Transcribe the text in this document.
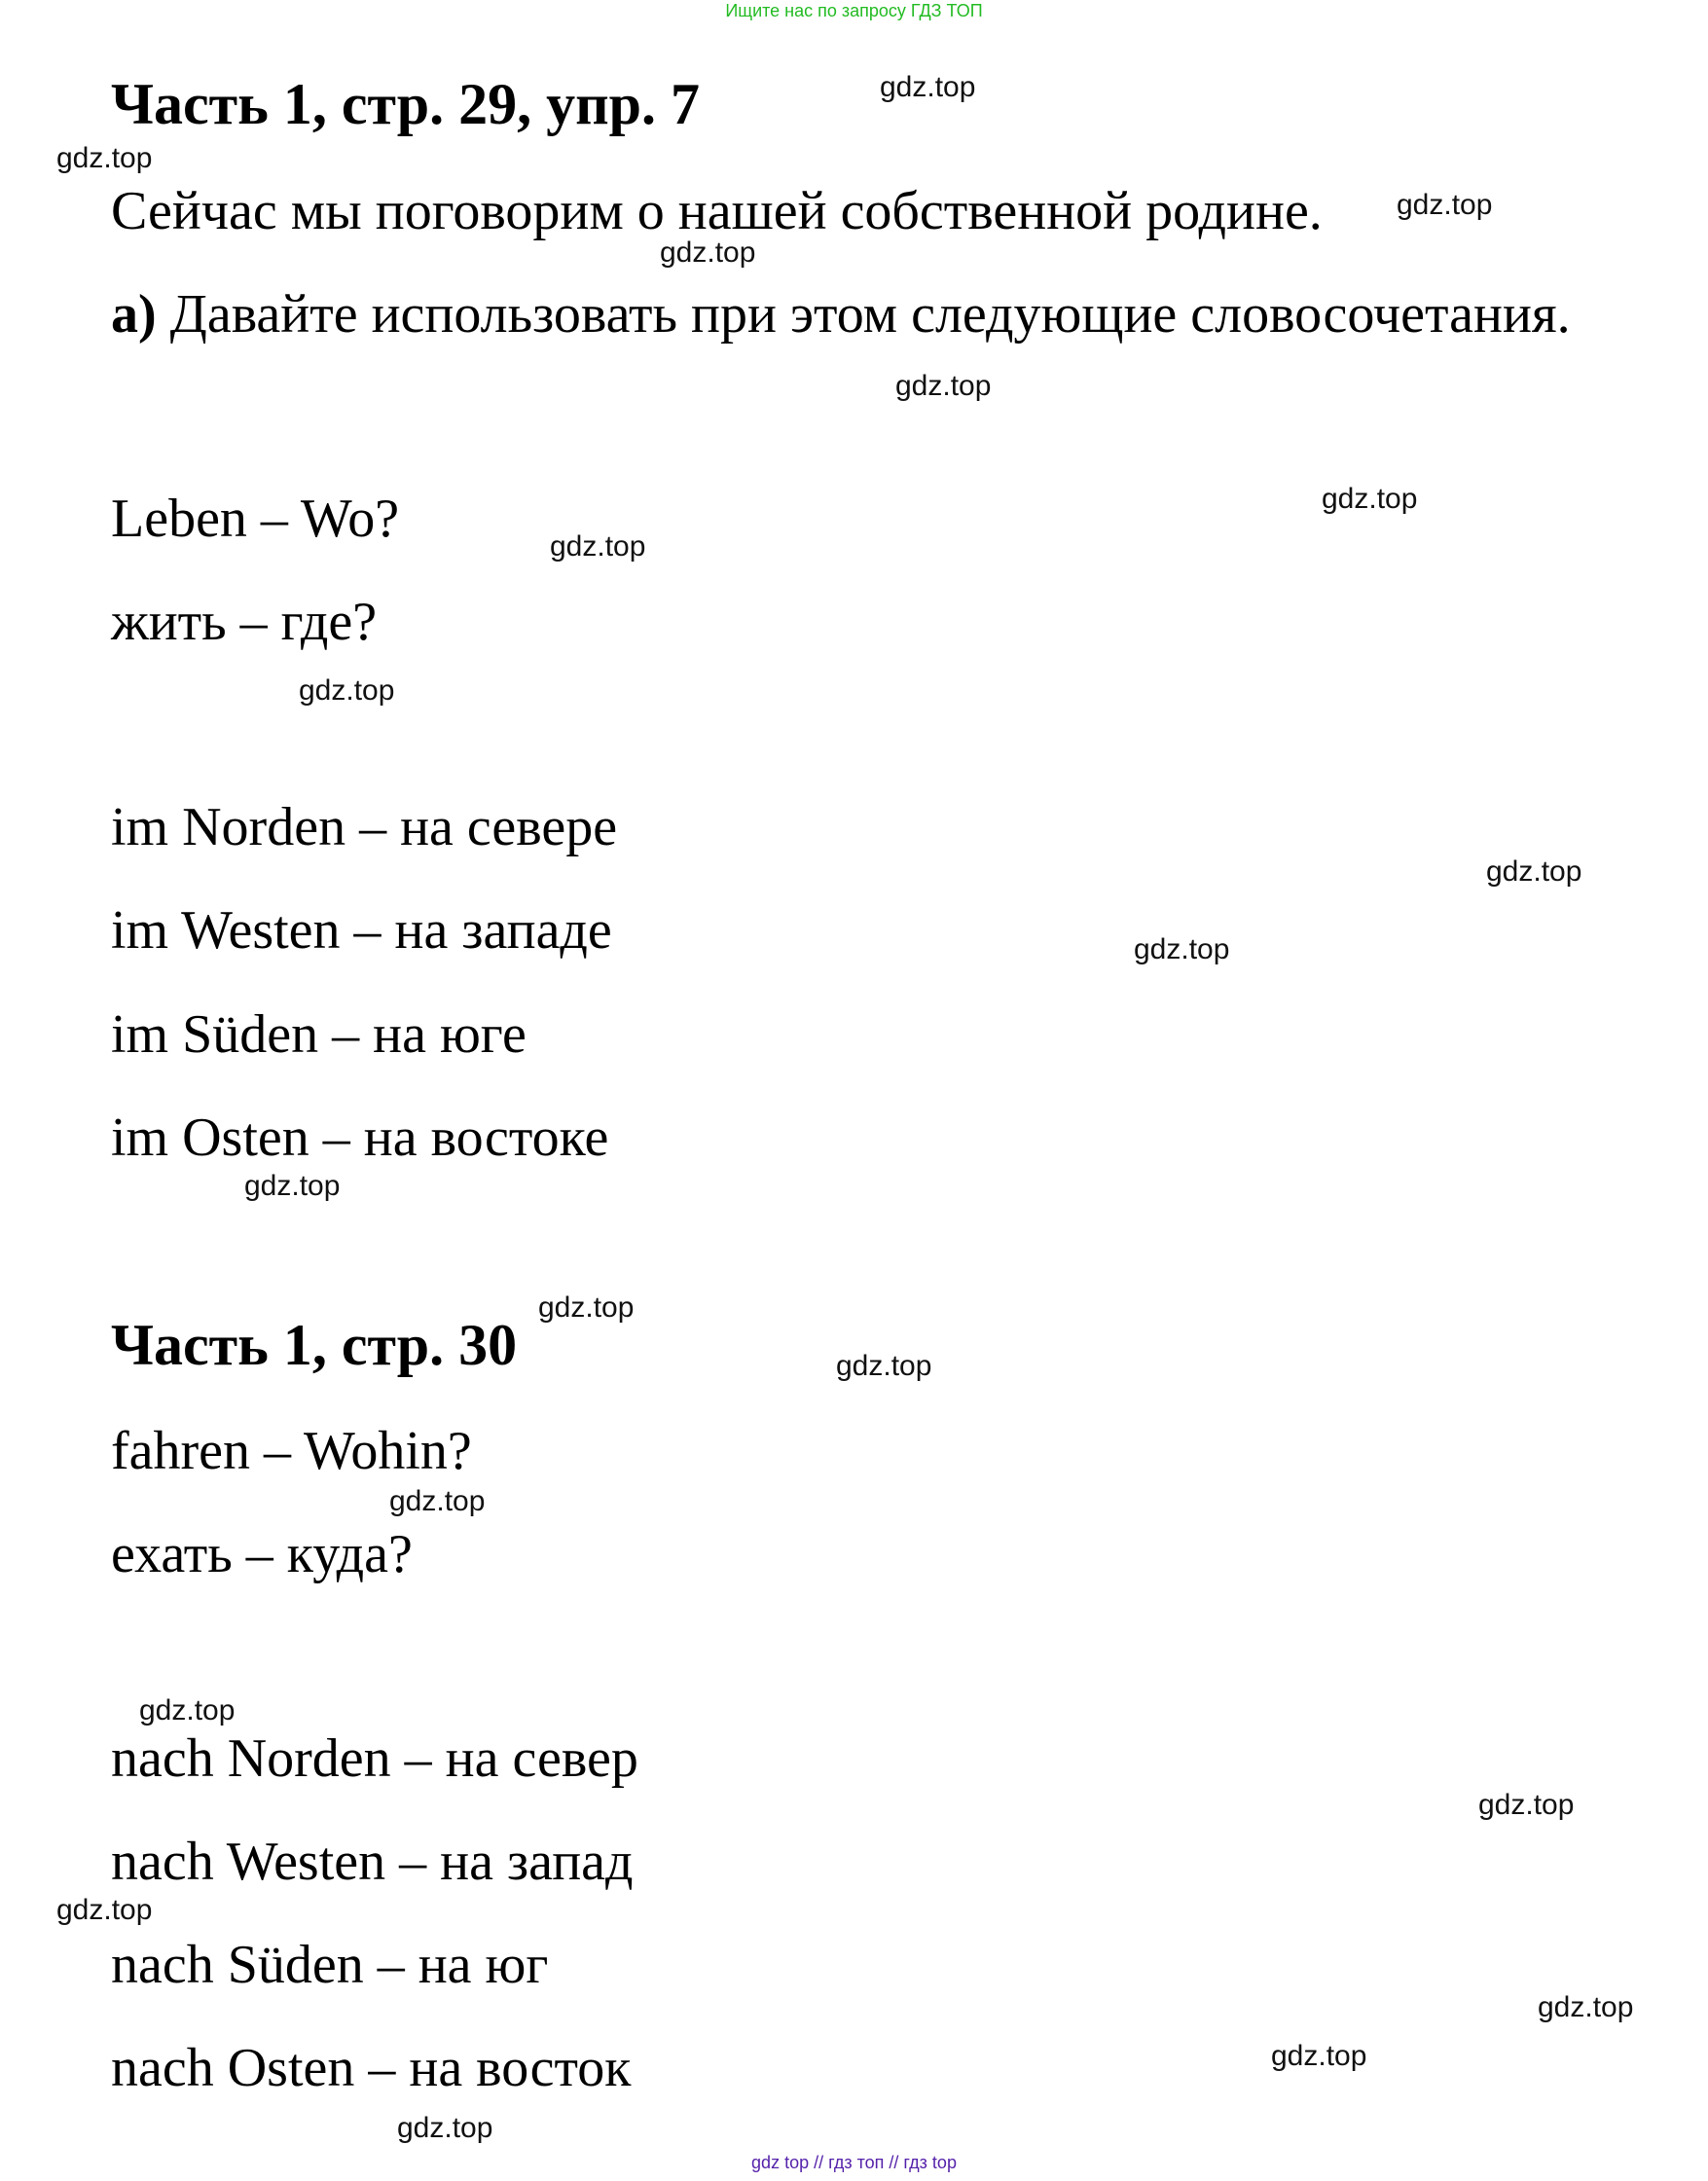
Ищите нас по запросу ГДЗ ТОП
Часть 1, стр. 29, упр. 7
Сейчас мы поговорим о нашей собственной родине.
а) Давайте использовать при этом следующие словосочетания.
Leben – Wo?
жить – где?
im Norden – на севере
im Westen – на западе
im Süden – на юге
im Osten – на востоке
Часть 1, стр. 30
fahren – Wohin?
ехать – куда?
nach Norden – на север
nach Westen – на запад
nach Süden – на юг
nach Osten – на восток
gdz.top
gdz.top
gdz.top
gdz.top
gdz.top
gdz.top
gdz.top
gdz.top
gdz.top
gdz.top
gdz.top
gdz.top
gdz.top
gdz.top
gdz.top
gdz.top
gdz.top
gdz.top
gdz.top
gdz.top
gdz top // гдз топ // гдз top
